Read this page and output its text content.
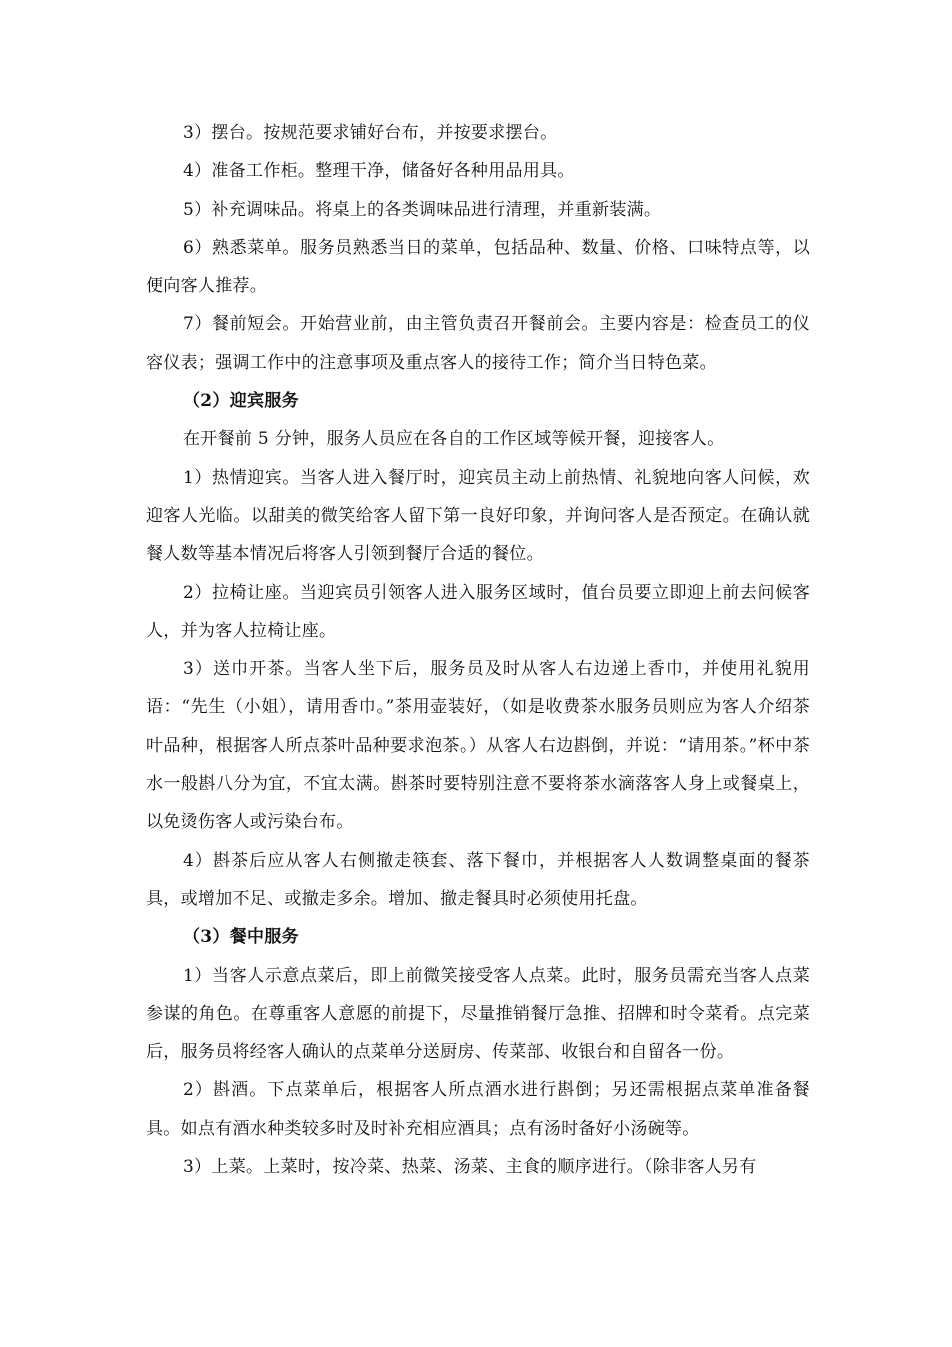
3）摆台。按规范要求铺好台布，并按要求摆台。

4）准备工作柜。整理干净，储备好各种用品用具。

5）补充调味品。将桌上的各类调味品进行清理，并重新装满。

6）熟悉菜单。服务员熟悉当日的菜单，包括品种、数量、价格、口味特点等，以便向客人推荐。

7）餐前短会。开始营业前，由主管负责召开餐前会。主要内容是：检查员工的仪容仪表；强调工作中的注意事项及重点客人的接待工作；简介当日特色菜。

（2）迎宾服务

在开餐前 5 分钟，服务人员应在各自的工作区域等候开餐，迎接客人。

1）热情迎宾。当客人进入餐厅时，迎宾员主动上前热情、礼貌地向客人问候，欢迎客人光临。以甜美的微笑给客人留下第一良好印象，并询问客人是否预定。在确认就餐人数等基本情况后将客人引领到餐厅合适的餐位。

2）拉椅让座。当迎宾员引领客人进入服务区域时，值台员要立即迎上前去问候客人，并为客人拉椅让座。

3）送巾开茶。当客人坐下后，服务员及时从客人右边递上香巾，并使用礼貌用语：“先生（小姐），请用香巾。”茶用壶装好，（如是收费茶水服务员则应为客人介绍茶叶品种，根据客人所点茶叶品种要求泡茶。）从客人右边斟倒，并说：“请用茶。”杯中茶水一般斟八分为宜，不宜太满。斟茶时要特别注意不要将茶水滴落客人身上或餐桌上，以免烫伤客人或污染台布。

4）斟茶后应从客人右侧撤走筷套、落下餐巾，并根据客人人数调整桌面的餐茶具，或增加不足、或撤走多余。增加、撤走餐具时必须使用托盘。

（3）餐中服务

1）当客人示意点菜后，即上前微笑接受客人点菜。此时，服务员需充当客人点菜参谋的角色。在尊重客人意愿的前提下，尽量推销餐厅急推、招牌和时令菜肴。点完菜后，服务员将经客人确认的点菜单分送厨房、传菜部、收银台和自留各一份。

2）斟酒。下点菜单后，根据客人所点酒水进行斟倒；另还需根据点菜单准备餐具。如点有酒水种类较多时及时补充相应酒具；点有汤时备好小汤碗等。

3）上菜。上菜时，按冷菜、热菜、汤菜、主食的顺序进行。（除非客人另有
